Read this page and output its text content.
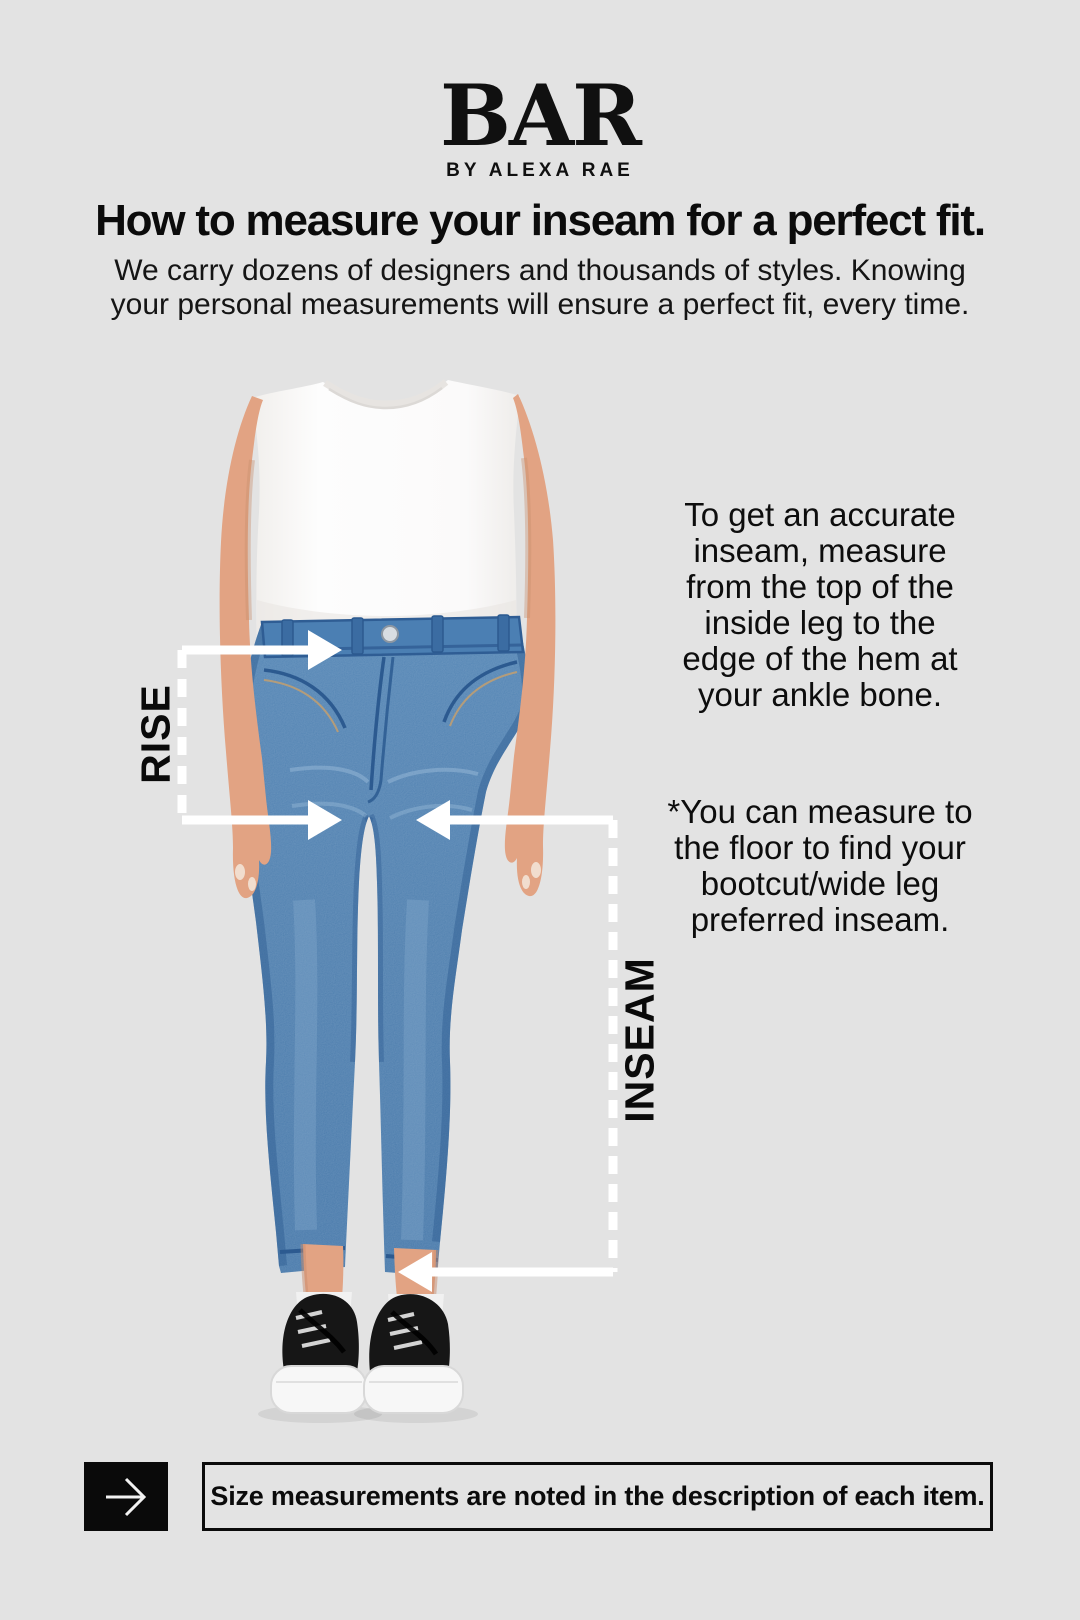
BAR
BY ALEXA RAE
How to measure your inseam for a perfect fit.
We carry dozens of designers and thousands of styles. Knowing
your personal measurements will ensure a perfect fit, every time.
RISE
INSEAM
To get an accurate
inseam, measure
from the top of the
inside leg to the
edge of the hem at
your ankle bone.
*You can measure to
the floor to find your
bootcut/wide leg
preferred inseam.
Size measurements are noted in the description of each item.
